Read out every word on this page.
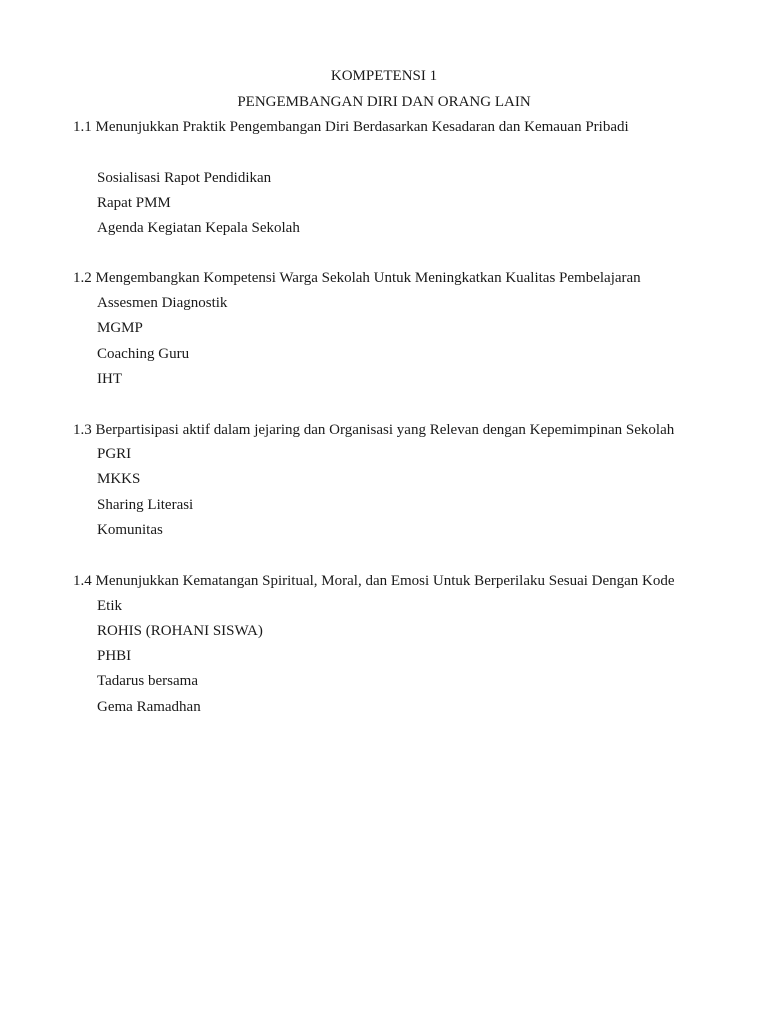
KOMPETENSI 1
PENGEMBANGAN DIRI DAN ORANG LAIN
1.1 Menunjukkan Praktik Pengembangan Diri Berdasarkan Kesadaran dan Kemauan Pribadi
Sosialisasi Rapot Pendidikan
Rapat PMM
Agenda Kegiatan Kepala Sekolah
1.2 Mengembangkan Kompetensi Warga Sekolah Untuk Meningkatkan Kualitas Pembelajaran
Assesmen Diagnostik
MGMP
Coaching Guru
IHT
1.3 Berpartisipasi aktif dalam jejaring dan Organisasi yang Relevan dengan Kepemimpinan Sekolah
PGRI
MKKS
Sharing Literasi
Komunitas
1.4 Menunjukkan Kematangan Spiritual, Moral, dan Emosi Untuk Berperilaku Sesuai Dengan Kode
Etik
ROHIS (ROHANI SISWA)
PHBI
Tadarus bersama
Gema Ramadhan
